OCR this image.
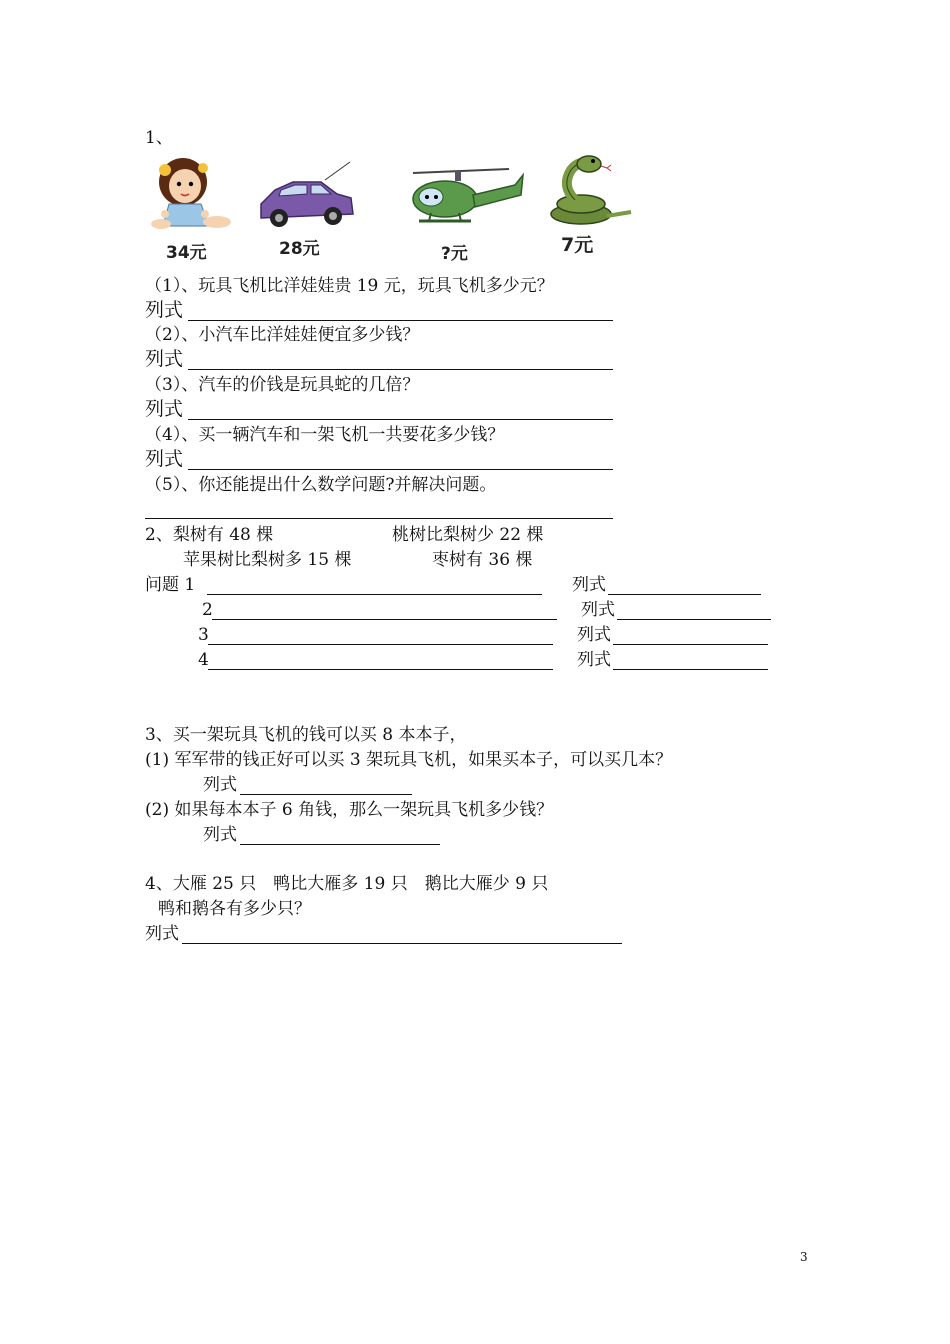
1、
34元	28元	?元	7元
（1）、玩具飞机比洋娃娃贵 19 元，玩具飞机多少元？
列式
（2）、小汽车比洋娃娃便宜多少钱？
列式
（3）、汽车的价钱是玩具蛇的几倍？
列式
（4）、买一辆汽车和一架飞机一共要花多少钱？
列式
（5）、你还能提出什么数学问题?并解决问题。
2、梨树有 48 棵	桃树比梨树少 22 棵
苹果树比梨树多 15 棵	枣树有 36 棵
问题 1	列式
2	列式
3	列式
4	列式
3、买一架玩具飞机的钱可以买 8 本本子，
(1) 军军带的钱正好可以买 3 架玩具飞机，如果买本子，可以买几本？
列式
(2) 如果每本本子 6 角钱，那么一架玩具飞机多少钱？
列式
4、大雁 25 只　鸭比大雁多 19 只　鹅比大雁少 9 只
鸭和鹅各有多少只？
列式
3
